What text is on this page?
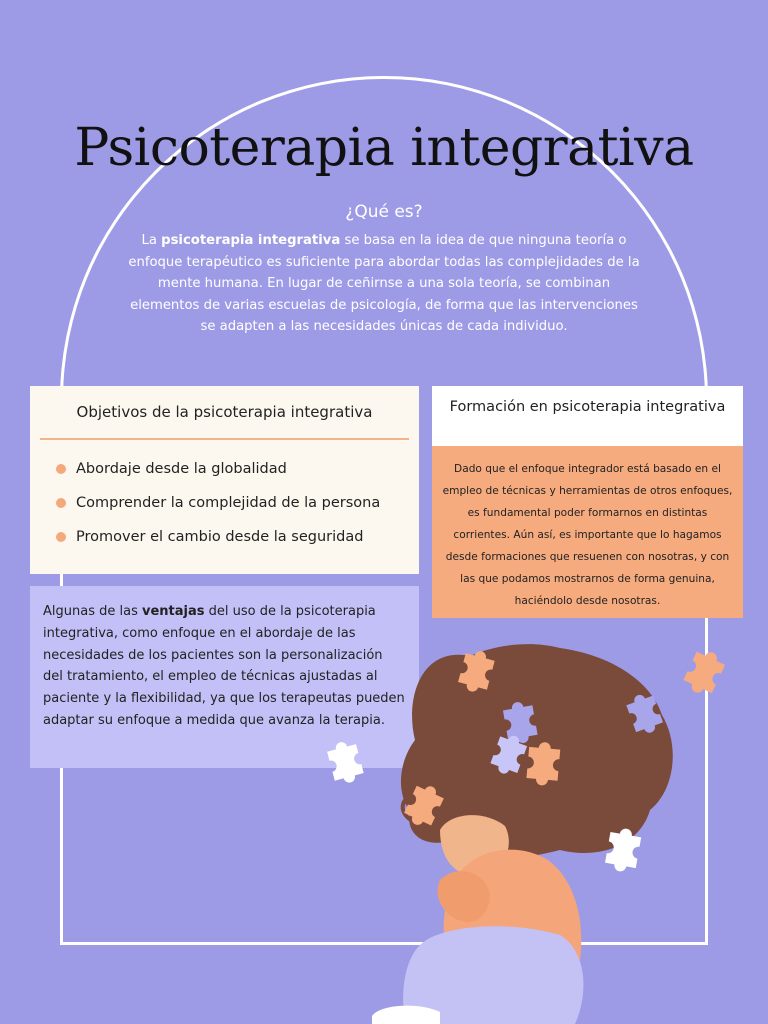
Psicoterapia integrativa
¿Qué es?
La psicoterapia integrativa se basa en la idea de que ninguna teoría o enfoque terapéutico es suficiente para abordar todas las complejidades de la mente humana. En lugar de ceñirnse a una sola teoría, se combinan elementos de varias escuelas de psicología, de forma que las intervenciones se adapten a las necesidades únicas de cada individuo.
Objetivos de la psicoterapia integrativa
Abordaje desde la globalidad
Comprender la complejidad de la persona
Promover el cambio desde la seguridad
Formación en psicoterapia integrativa
Dado que el enfoque integrador está basado en el empleo de técnicas y herramientas de otros enfoques, es fundamental poder formarnos en distintas corrientes. Aún así, es importante que lo hagamos desde formaciones que resuenen con nosotras, y con las que podamos mostrarnos de forma genuina, haciéndolo desde nosotras.
Algunas de las ventajas del uso de la psicoterapia integrativa, como enfoque en el abordaje de las necesidades de los pacientes son la personalización del tratamiento, el empleo de técnicas ajustadas al paciente y la flexibilidad, ya que los terapeutas pueden adaptar su enfoque a medida que avanza la terapia.
